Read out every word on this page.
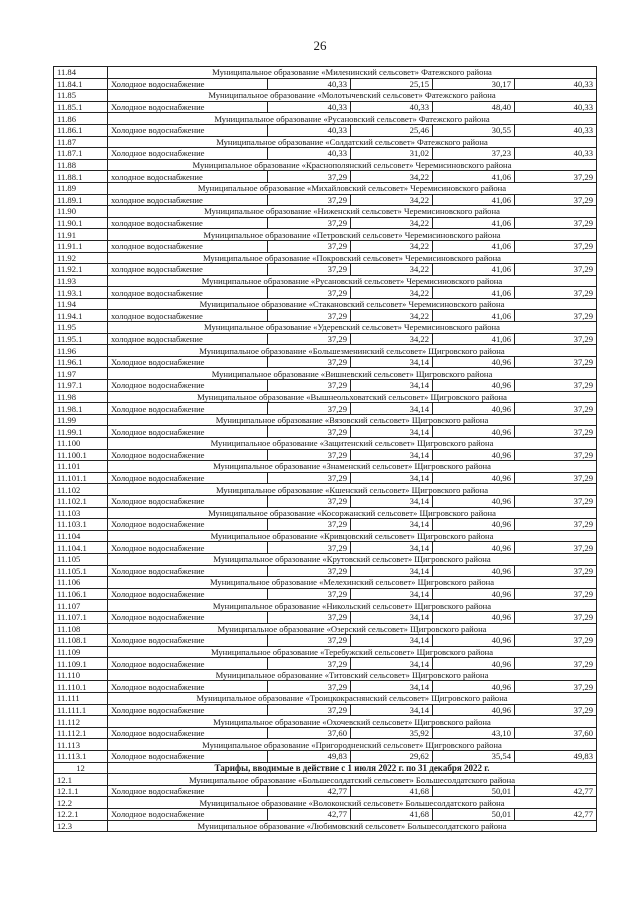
26
11.84	Муниципальное образование «Миленинский сельсовет» Фатежского района				
11.84.1	Холодное водоснабжение	40,33	25,15	30,17	40,33
11.85	Муниципальное образование «Молотычевский сельсовет» Фатежского района				
11.85.1	Холодное водоснабжение	40,33	40,33	48,40	40,33
11.86	Муниципальное образование «Русановский сельсовет» Фатежского района				
11.86.1	Холодное водоснабжение	40,33	25,46	30,55	40,33
11.87	Муниципальное образование «Солдатский сельсовет» Фатежского района				
11.87.1	Холодное водоснабжение	40,33	31,02	37,23	40,33
11.88	Муниципальное образование «Краснополянский сельсовет» Черемисиновского района				
11.88.1	холодное водоснабжение	37,29	34,22	41,06	37,29
11.89	Муниципальное образование «Михайловский сельсовет» Черемисиновского района				
11.89.1	холодное водоснабжение	37,29	34,22	41,06	37,29
11.90	Муниципальное образование «Ниженский сельсовет» Черемисиновского района				
11.90.1	холодное водоснабжение	37,29	34,22	41,06	37,29
11.91	Муниципальное образование «Петровский сельсовет» Черемисиновского района				
11.91.1	холодное водоснабжение	37,29	34,22	41,06	37,29
11.92	Муниципальное образование «Покровский сельсовет» Черемисиновского района				
11.92.1	холодное водоснабжение	37,29	34,22	41,06	37,29
11.93	Муниципальное образование «Русановский сельсовет» Черемисиновского района				
11.93.1	холодное водоснабжение	37,29	34,22	41,06	37,29
11.94	Муниципальное образование «Стакановский сельсовет» Черемисиновского района				
11.94.1	холодное водоснабжение	37,29	34,22	41,06	37,29
11.95	Муниципальное образование «Удеревский сельсовет» Черемисиновского района				
11.95.1	холодное водоснабжение	37,29	34,22	41,06	37,29
11.96	Муниципальное образование «Большезменинский сельсовет» Щигровского района				
11.96.1	Холодное водоснабжение	37,29	34,14	40,96	37,29
11.97	Муниципальное образование «Вишневский сельсовет» Щигровского района				
11.97.1	Холодное водоснабжение	37,29	34,14	40,96	37,29
11.98	Муниципальное образование «Вышнеольховатский сельсовет» Щигровского района				
11.98.1	Холодное водоснабжение	37,29	34,14	40,96	37,29
11.99	Муниципальное образование «Вязовский сельсовет» Щигровского района				
11.99.1	Холодное водоснабжение	37,29	34,14	40,96	37,29
11.100	Муниципальное образование «Защитенский сельсовет» Щигровского района				
11.100.1	Холодное водоснабжение	37,29	34,14	40,96	37,29
11.101	Муниципальное образование «Знаменский сельсовет» Щигровского района				
11.101.1	Холодное водоснабжение	37,29	34,14	40,96	37,29
11.102	Муниципальное образование «Кшенский сельсовет» Щигровского района				
11.102.1	Холодное водоснабжение	37,29	34,14	40,96	37,29
11.103	Муниципальное образование «Косоржанский сельсовет» Щигровского района				
11.103.1	Холодное водоснабжение	37,29	34,14	40,96	37,29
11.104	Муниципальное образование «Кривцовский сельсовет» Щигровского района				
11.104.1	Холодное водоснабжение	37,29	34,14	40,96	37,29
11.105	Муниципальное образование «Крутовский сельсовет» Щигровского района				
11.105.1	Холодное водоснабжение	37,29	34,14	40,96	37,29
11.106	Муниципальное образование «Мелехинский сельсовет» Щигровского района				
11.106.1	Холодное водоснабжение	37,29	34,14	40,96	37,29
11.107	Муниципальное образование «Никольский сельсовет» Щигровского района				
11.107.1	Холодное водоснабжение	37,29	34,14	40,96	37,29
11.108	Муниципальное образование «Озерский сельсовет» Щигровского района				
11.108.1	Холодное водоснабжение	37,29	34,14	40,96	37,29
11.109	Муниципальное образование «Теребужский сельсовет» Щигровского района				
11.109.1	Холодное водоснабжение	37,29	34,14	40,96	37,29
11.110	Муниципальное образование «Титовский сельсовет» Щигровского района				
11.110.1	Холодное водоснабжение	37,29	34,14	40,96	37,29
11.111	Муниципальное образование «Троицкокраснянский сельсовет» Щигровского района				
11.111.1	Холодное водоснабжение	37,29	34,14	40,96	37,29
11.112	Муниципальное образование «Охочевский сельсовет» Щигровского района				
11.112.1	Холодное водоснабжение	37,60	35,92	43,10	37,60
11.113	Муниципальное образование «Пригородненский сельсовет» Щигровского района				
11.113.1	Холодное водоснабжение	49,83	29,62	35,54	49,83
12	Тарифы, вводимые в действие с 1 июля 2022 г. по 31 декабря 2022 г.				
12.1	Муниципальное образование «Большесолдатский сельсовет» Большесолдатского района				
12.1.1	Холодное водоснабжение	42,77	41,68	50,01	42,77
12.2	Муниципальное образование «Волоконский сельсовет» Большесолдатского района				
12.2.1	Холодное водоснабжение	42,77	41,68	50,01	42,77
12.3	Муниципальное образование «Любимовский сельсовет» Большесолдатского района				
